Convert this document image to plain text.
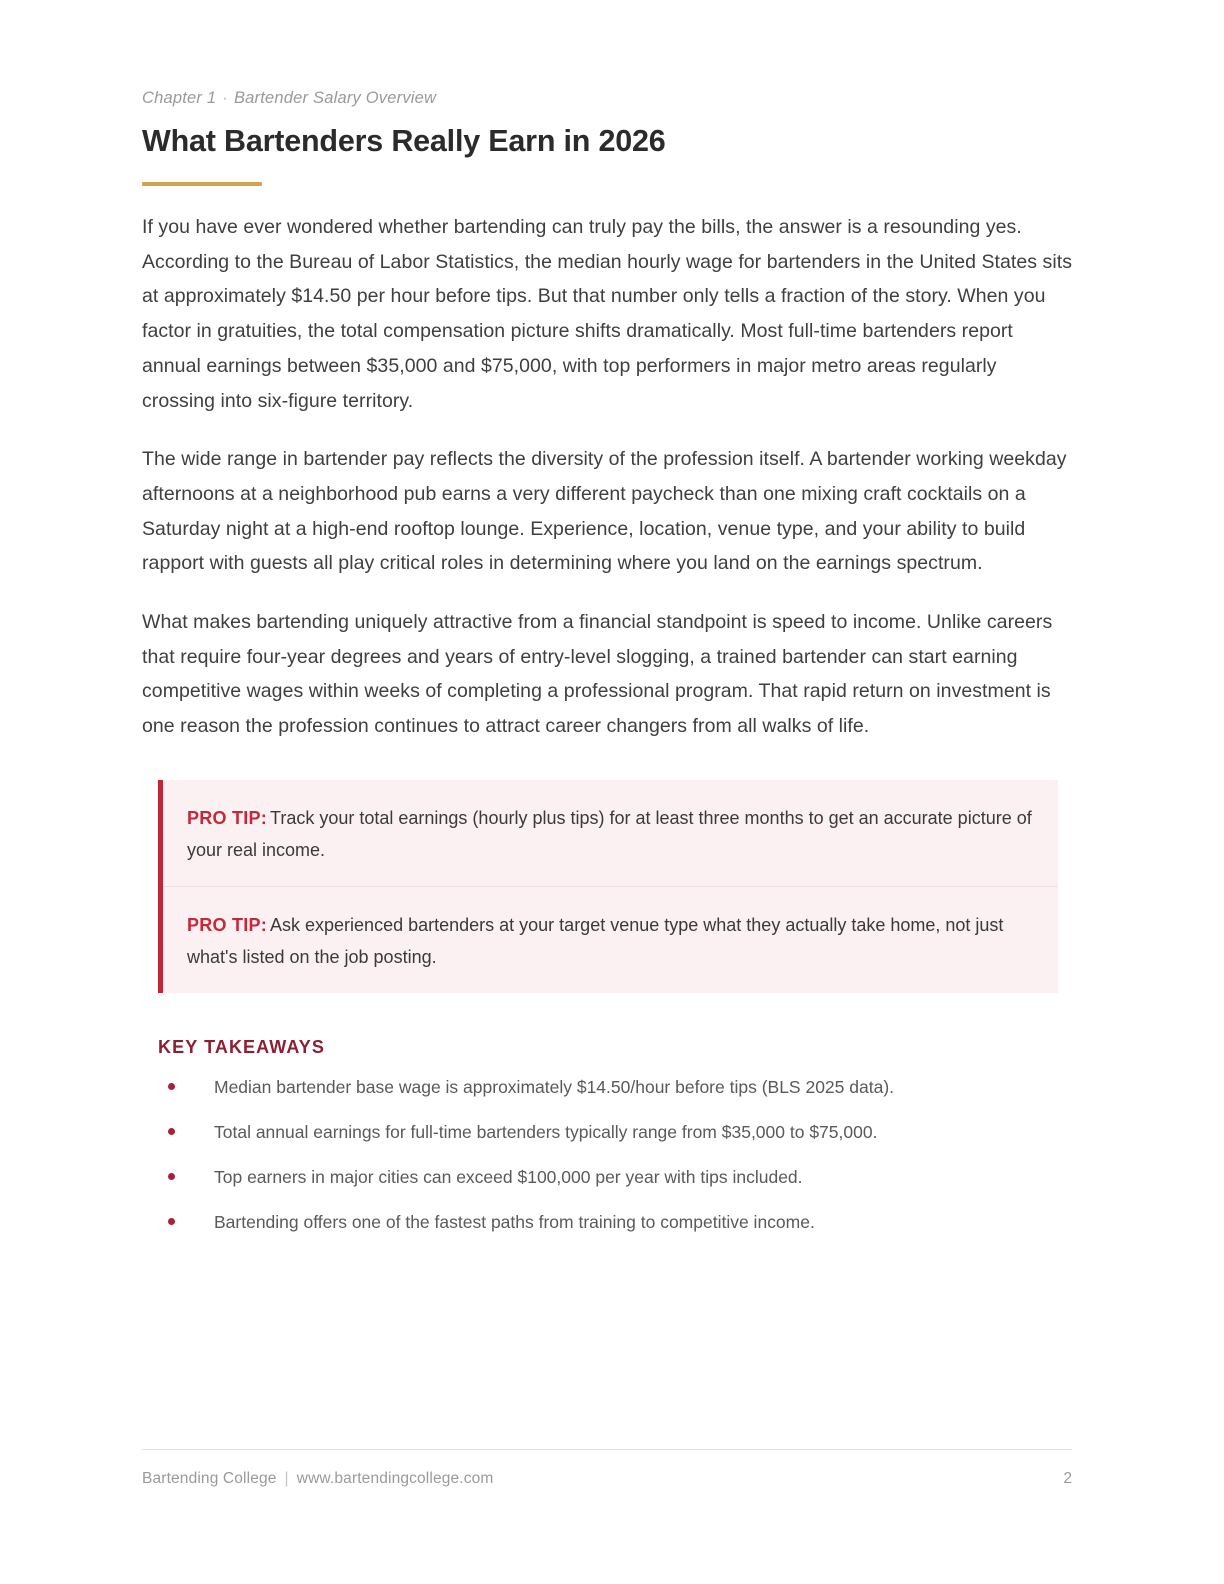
Chapter 1 · Bartender Salary Overview
What Bartenders Really Earn in 2026

If you have ever wondered whether bartending can truly pay the bills, the answer is a resounding yes. According to the Bureau of Labor Statistics, the median hourly wage for bartenders in the United States sits at approximately $14.50 per hour before tips. But that number only tells a fraction of the story. When you factor in gratuities, the total compensation picture shifts dramatically. Most full-time bartenders report annual earnings between $35,000 and $75,000, with top performers in major metro areas regularly crossing into six-figure territory.

The wide range in bartender pay reflects the diversity of the profession itself. A bartender working weekday afternoons at a neighborhood pub earns a very different paycheck than one mixing craft cocktails on a Saturday night at a high-end rooftop lounge. Experience, location, venue type, and your ability to build rapport with guests all play critical roles in determining where you land on the earnings spectrum.

What makes bartending uniquely attractive from a financial standpoint is speed to income. Unlike careers that require four-year degrees and years of entry-level slogging, a trained bartender can start earning competitive wages within weeks of completing a professional program. That rapid return on investment is one reason the profession continues to attract career changers from all walks of life.

PRO TIP: Track your total earnings (hourly plus tips) for at least three months to get an accurate picture of your real income.

PRO TIP: Ask experienced bartenders at your target venue type what they actually take home, not just what's listed on the job posting.

KEY TAKEAWAYS
Median bartender base wage is approximately $14.50/hour before tips (BLS 2025 data).
Total annual earnings for full-time bartenders typically range from $35,000 to $75,000.
Top earners in major cities can exceed $100,000 per year with tips included.
Bartending offers one of the fastest paths from training to competitive income.
Bartending College | www.bartendingcollege.com	2
